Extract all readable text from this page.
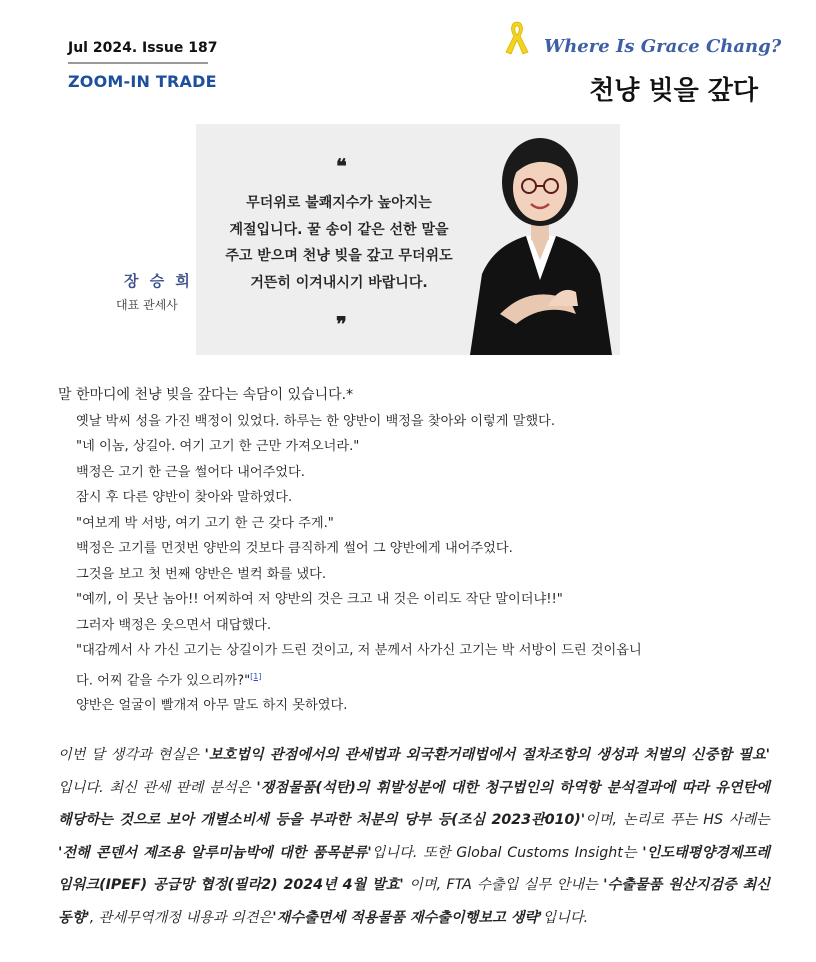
Jul 2024. Issue 187
ZOOM-IN TRADE
Where Is Grace Chang?
천냥 빚을 갚다
❝
무더위로 불쾌지수가 높아지는
계절입니다. 꿀 송이 같은 선한 말을
주고 받으며 천냥 빚을 갚고 무더위도
거뜬히 이겨내시기 바랍니다.
❞
장 승 희
대표 관세사
말 한마디에 천냥 빚을 갚다는 속담이 있습니다.*
옛날 박씨 성을 가진 백정이 있었다. 하루는 한 양반이 백정을 찾아와 이렇게 말했다.
"네 이놈, 상길아. 여기 고기 한 근만 가져오너라."
백정은 고기 한 근을 썰어다 내어주었다.
잠시 후 다른 양반이 찾아와 말하였다.
"여보게 박 서방, 여기 고기 한 근 갖다 주게."
백정은 고기를 먼젓번 양반의 것보다 큼직하게 썰어 그 양반에게 내어주었다.
그것을 보고 첫 번째 양반은 벌컥 화를 냈다.
"예끼, 이 못난 놈아!! 어찌하여 저 양반의 것은 크고 내 것은 이리도 작단 말이더냐!!"
그러자 백정은 웃으면서 대답했다.
"대감께서 사 가신 고기는 상길이가 드린 것이고, 저 분께서 사가신 고기는 박 서방이 드린 것이옵니
다. 어찌 같을 수가 있으리까?"[1]
양반은 얼굴이 빨개져 아무 말도 하지 못하였다.
이번 달 생각과 현실은 '보호법익 관점에서의 관세법과 외국환거래법에서 절차조항의 생성과 처벌의 신중함 필요' 입니다. 최신 관세 판례 분석은 '쟁점물품(석탄)의 휘발성분에 대한 청구법인의 하역항 분석결과에 따라 유연탄에 해당하는 것으로 보아 개별소비세 등을 부과한 처분의 당부 등(조심 2023관010)'이며, 논리로 푸는 HS 사례는 '전해 콘덴서 제조용 알루미늄박에 대한 품목분류'입니다. 또한 Global Customs Insight는 '인도태평양경제프레임워크(IPEF) 공급망 협정(필라2) 2024년 4월 발효' 이며, FTA 수출입 실무 안내는 '수출물품 원산지검증 최신 동향', 관세무역개정 내용과 의견은'재수출면세 적용물품 재수출이행보고 생략'입니다.
